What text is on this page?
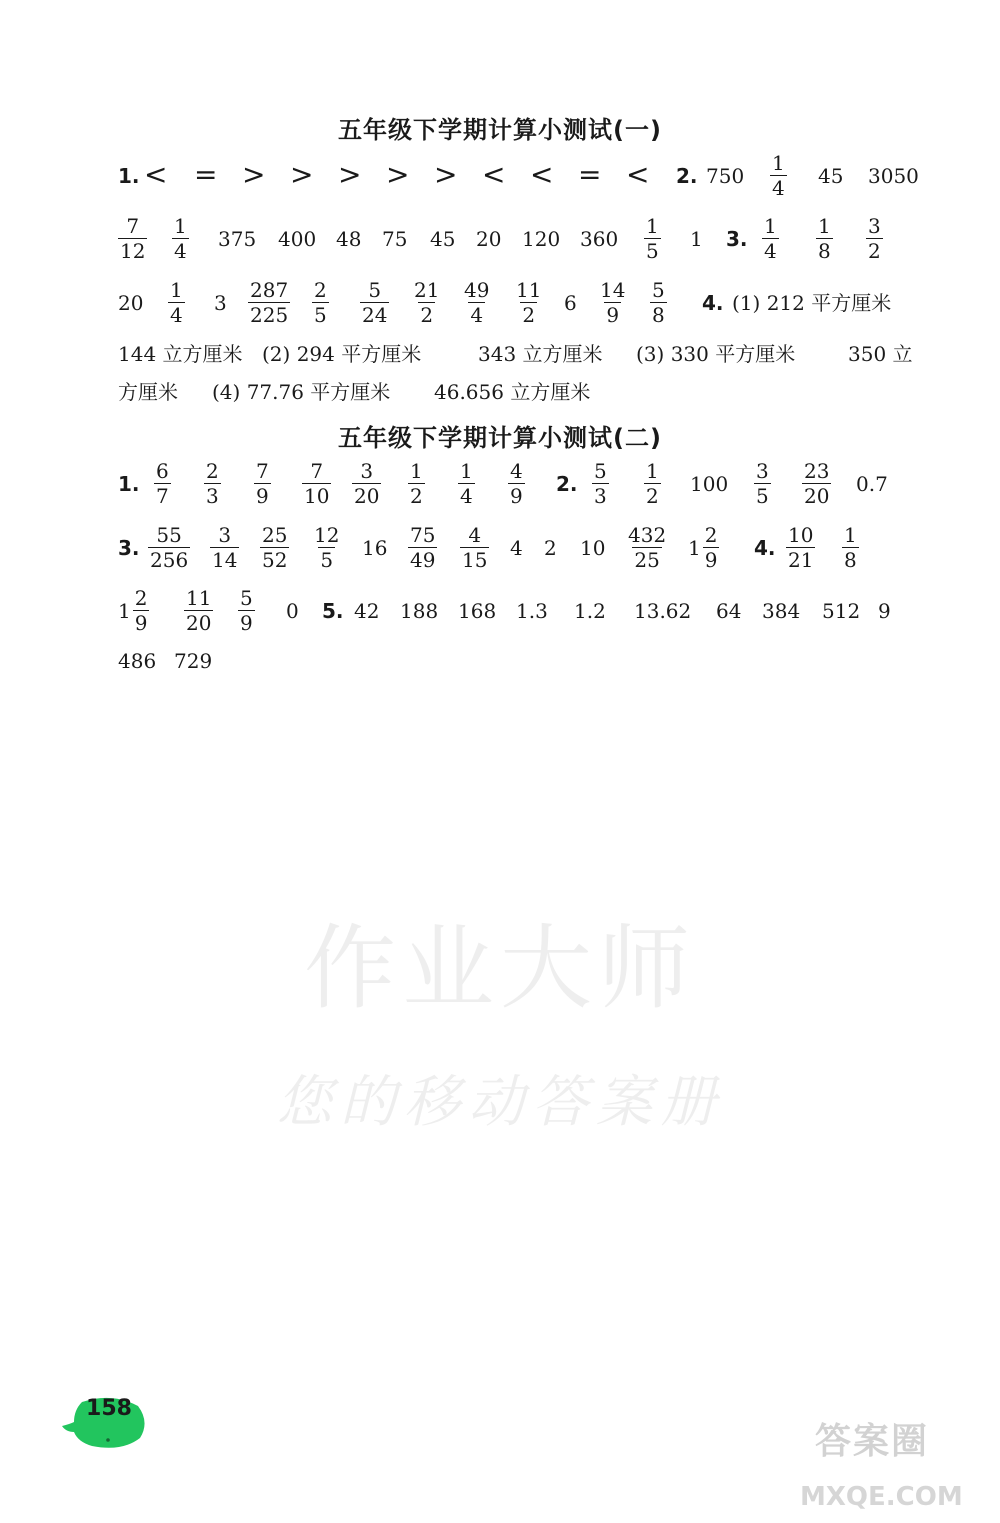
作业大师
您的移动答案册
五年级下学期计算小测试(一)
1. < = > > > > > < < = < 2. $750 \frac{1}{4} 45$ 3050
$\frac{7}{12} \frac{1}{4} 375$ 400 48 75 45 20 120 $360 \frac{1}{5} 1$ 3. $\frac{1}{4} \frac{1}{8} \frac{3}{2}$
$20 \frac{1}{4} 3 \frac{287}{225} \frac{2}{5} \frac{5}{24} \frac{21}{2} \frac{49}{4} \frac{11}{2} 6 \frac{14}{9} \frac{5}{8} 4$. (1) 212 平方厘米
144 立方厘米 (2) 294 平方厘米	343 立方厘米 (3) 330 平方厘米	350 立
方厘米 (4) 77.76 平方厘米 46.656 立方厘米
五年级下学期计算小测试(二)
1. $\frac{6}{7} \frac{2}{3} \frac{7}{9} \frac{7}{10} \frac{3}{20} \frac{1}{2} \frac{1}{4} \frac{4}{9} 2$. $\frac{5}{3} \frac{1}{2} 100 \frac{3}{5} \frac{23}{20} 0.7$
3. $\frac{55}{256} \frac{3}{14} \frac{25}{52} \frac{12}{5} 16 \frac{75}{49} \frac{4}{15} 4$ 2 $10 \frac{432}{25} 1 \frac{2}{9} 4$. $\frac{10}{21} \frac{1}{8}$
$1 \frac{2}{9} \frac{11}{20} \frac{5}{9} 0$ 5. 42 188 168 1.3 1.2 13.62 64 384 512 9
486 729
158
答案圈
MXQE.COM
